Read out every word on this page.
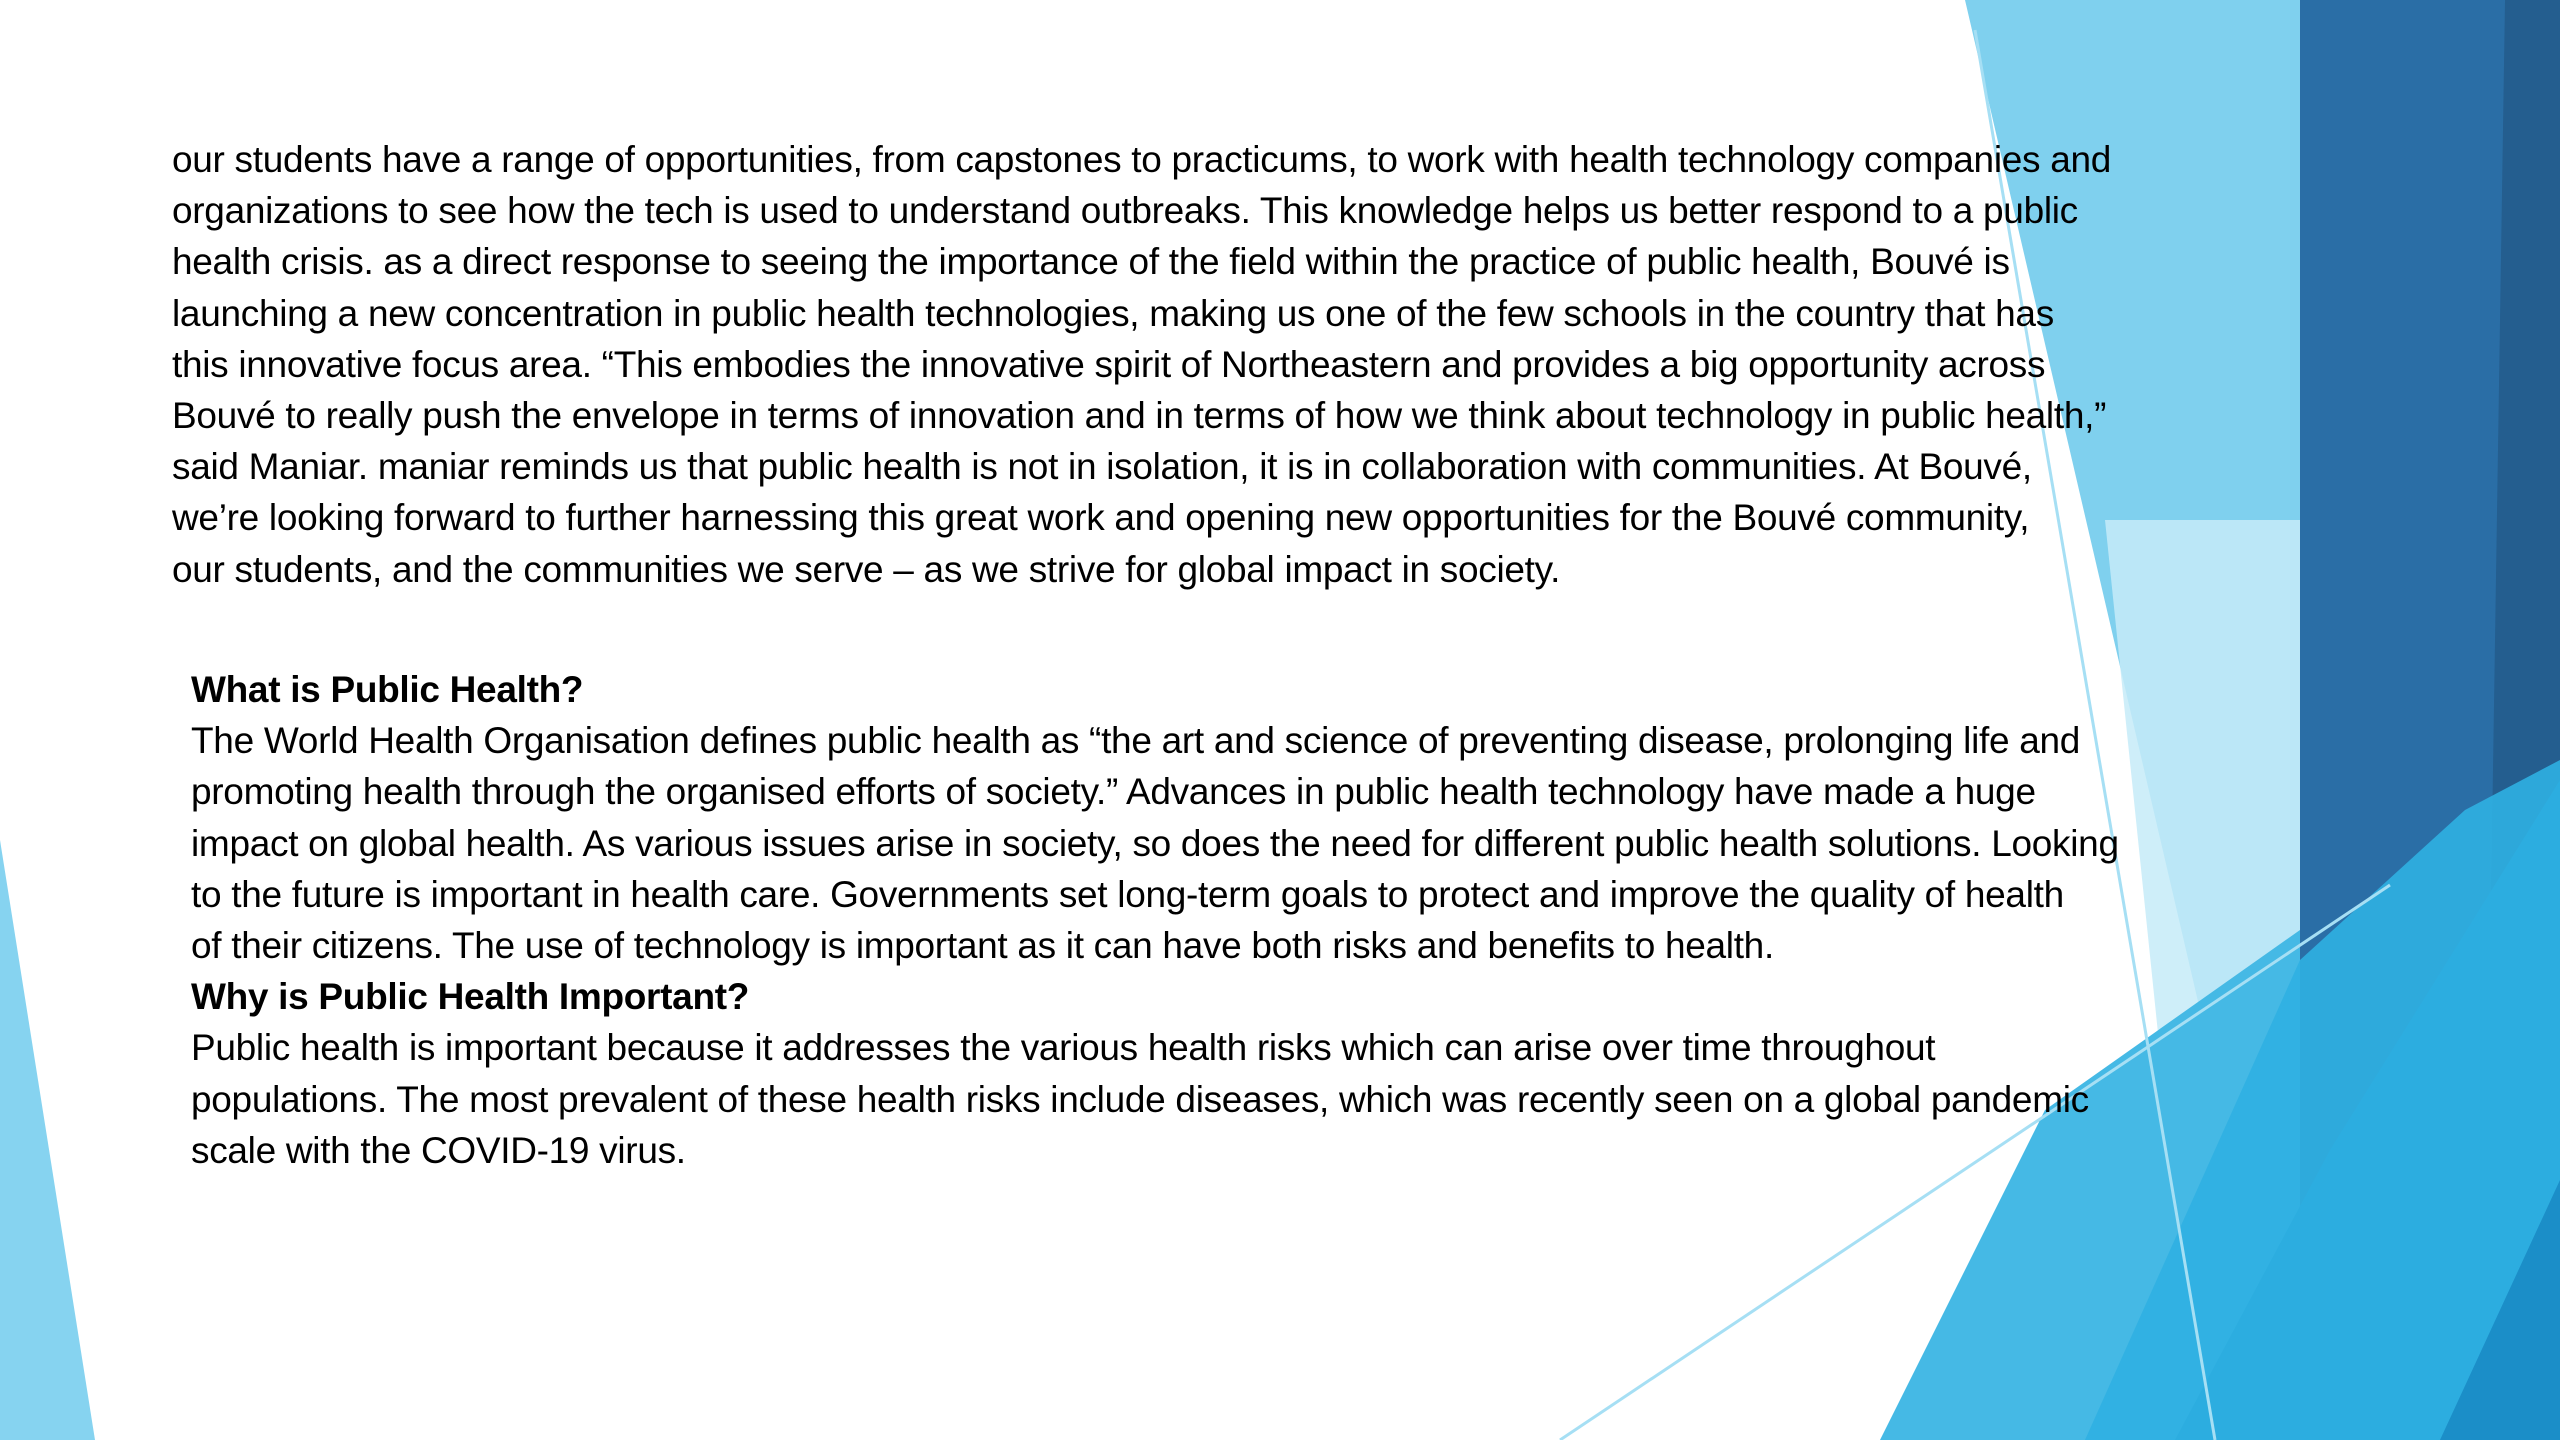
our students have a range of opportunities, from capstones to practicums, to work with health technology companies and
organizations to see how the tech is used to understand outbreaks. This knowledge helps us better respond to a public
health crisis. as a direct response to seeing the importance of the field within the practice of public health, Bouvé is
launching a new concentration in public health technologies, making us one of the few schools in the country that has
this innovative focus area. “This embodies the innovative spirit of Northeastern and provides a big opportunity across
Bouvé to really push the envelope in terms of innovation and in terms of how we think about technology in public health,”
said Maniar. maniar reminds us that public health is not in isolation, it is in collaboration with communities. At Bouvé,
we’re looking forward to further harnessing this great work and opening new opportunities for the Bouvé community,
our students, and the communities we serve – as we strive for global impact in society.

What is Public Health?

The World Health Organisation defines public health as “the art and science of preventing disease, prolonging life and
promoting health through the organised efforts of society.” Advances in public health technology have made a huge
impact on global health. As various issues arise in society, so does the need for different public health solutions. Looking
to the future is important in health care. Governments set long-term goals to protect and improve the quality of health
of their citizens. The use of technology is important as it can have both risks and benefits to health.

Why is Public Health Important?

Public health is important because it addresses the various health risks which can arise over time throughout
populations. The most prevalent of these health risks include diseases, which was recently seen on a global pandemic
scale with the COVID-19 virus.
